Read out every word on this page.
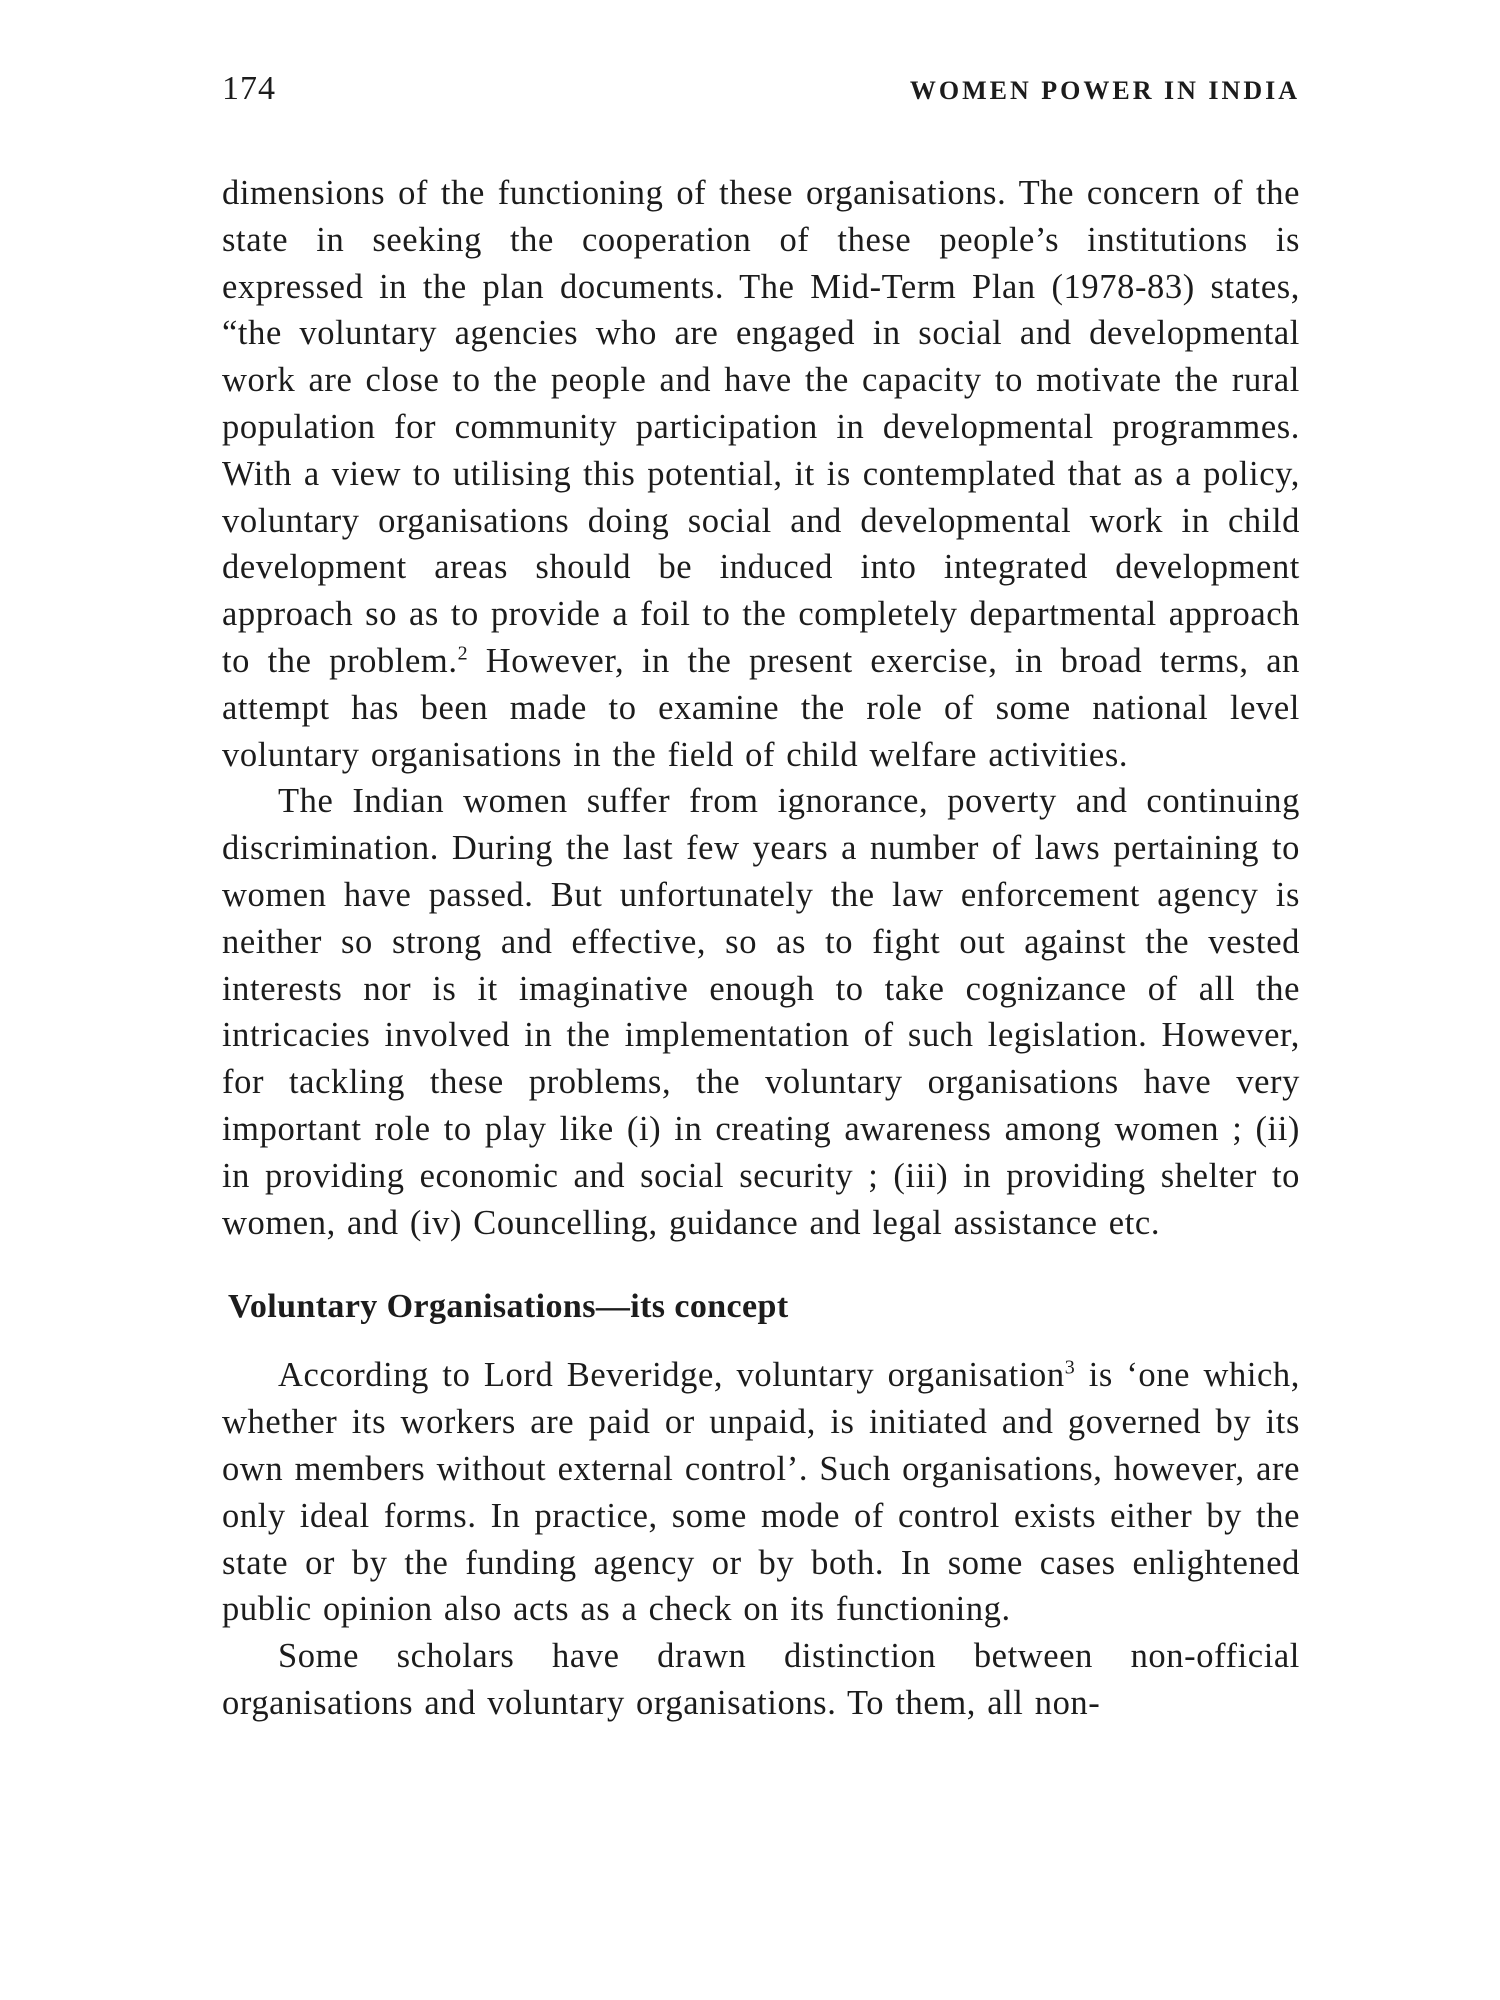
174	WOMEN POWER IN INDIA

dimensions of the functioning of these organisations. The concern of the state in seeking the cooperation of these people’s institutions is expressed in the plan documents. The Mid-Term Plan (1978-83) states, “the voluntary agencies who are engaged in social and developmental work are close to the people and have the capacity to motivate the rural population for community participation in developmental programmes. With a view to utilising this potential, it is contemplated that as a policy, voluntary organisations doing social and developmental work in child development areas should be induced into integrated development approach so as to provide a foil to the completely departmental approach to the problem.$^2$ However, in the present exercise, in broad terms, an attempt has been made to examine the role of some national level voluntary organisations in the field of child welfare activities.

The Indian women suffer from ignorance, poverty and continuing discrimination. During the last few years a number of laws pertaining to women have passed. But unfortunately the law enforcement agency is neither so strong and effective, so as to fight out against the vested interests nor is it imaginative enough to take cognizance of all the intricacies involved in the implementation of such legislation. However, for tackling these problems, the voluntary organisations have very important role to play like (i) in creating awareness among women ; (ii) in providing economic and social security ; (iii) in providing shelter to women, and (iv) Councelling, guidance and legal assistance etc.

Voluntary Organisations—its concept

According to Lord Beveridge, voluntary organisation$^3$ is ‘one which, whether its workers are paid or unpaid, is initiated and governed by its own members without external control’. Such organisations, however, are only ideal forms. In practice, some mode of control exists either by the state or by the funding agency or by both. In some cases enlightened public opinion also acts as a check on its functioning.

Some scholars have drawn distinction between non-official organisations and voluntary organisations. To them, all non-
